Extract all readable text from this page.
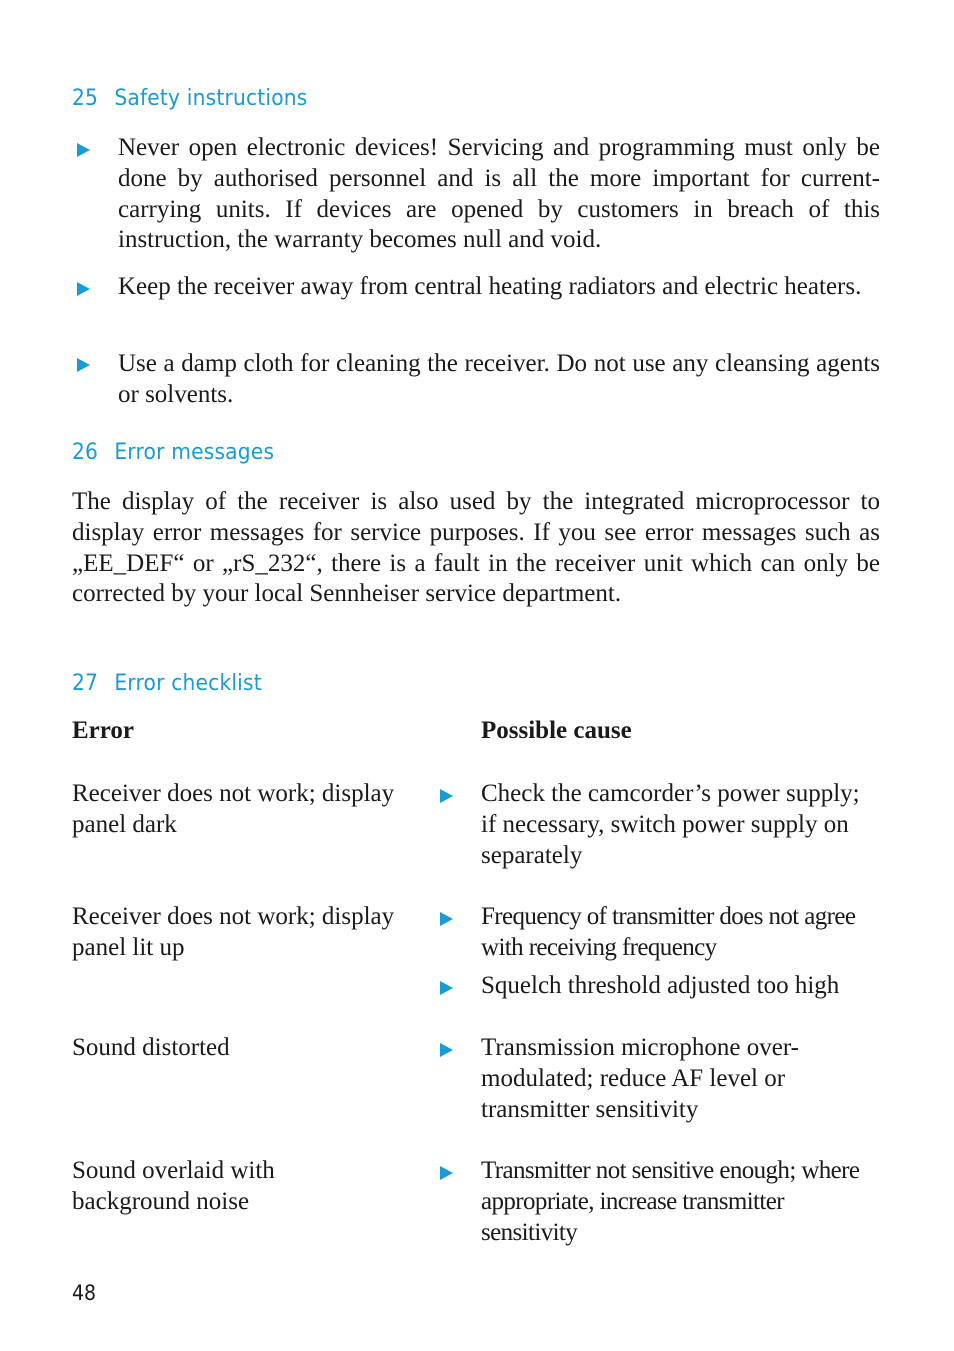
25 Safety instructions

Never open electronic devices! Servicing and programming must only be done by authorised personnel and is all the more important for current-carrying units. If devices are opened by customers in breach of this instruction, the warranty becomes null and void.

Keep the receiver away from central heating radiators and electric heaters.

Use a damp cloth for cleaning the receiver. Do not use any cleansing agents or solvents.

26 Error messages

The display of the receiver is also used by the integrated microprocessor to display error messages for service purposes. If you see error messages such as „EE_DEF“ or „rS_232“, there is a fault in the receiver unit which can only be corrected by your local Sennheiser service department.

27 Error checklist
Error	Possible cause
Receiver does not work; display panel dark
Check the camcorder’s power supply; if necessary, switch power supply on separately
Receiver does not work; display panel lit up
Frequency of transmitter does not agree with receiving frequency
Squelch threshold adjusted too high
Sound distorted	Transmission microphone over-modulated; reduce AF level or transmitter sensitivity
Sound overlaid with background noise
Transmitter not sensitive enough; where appropriate, increase transmitter sensitivity
48
